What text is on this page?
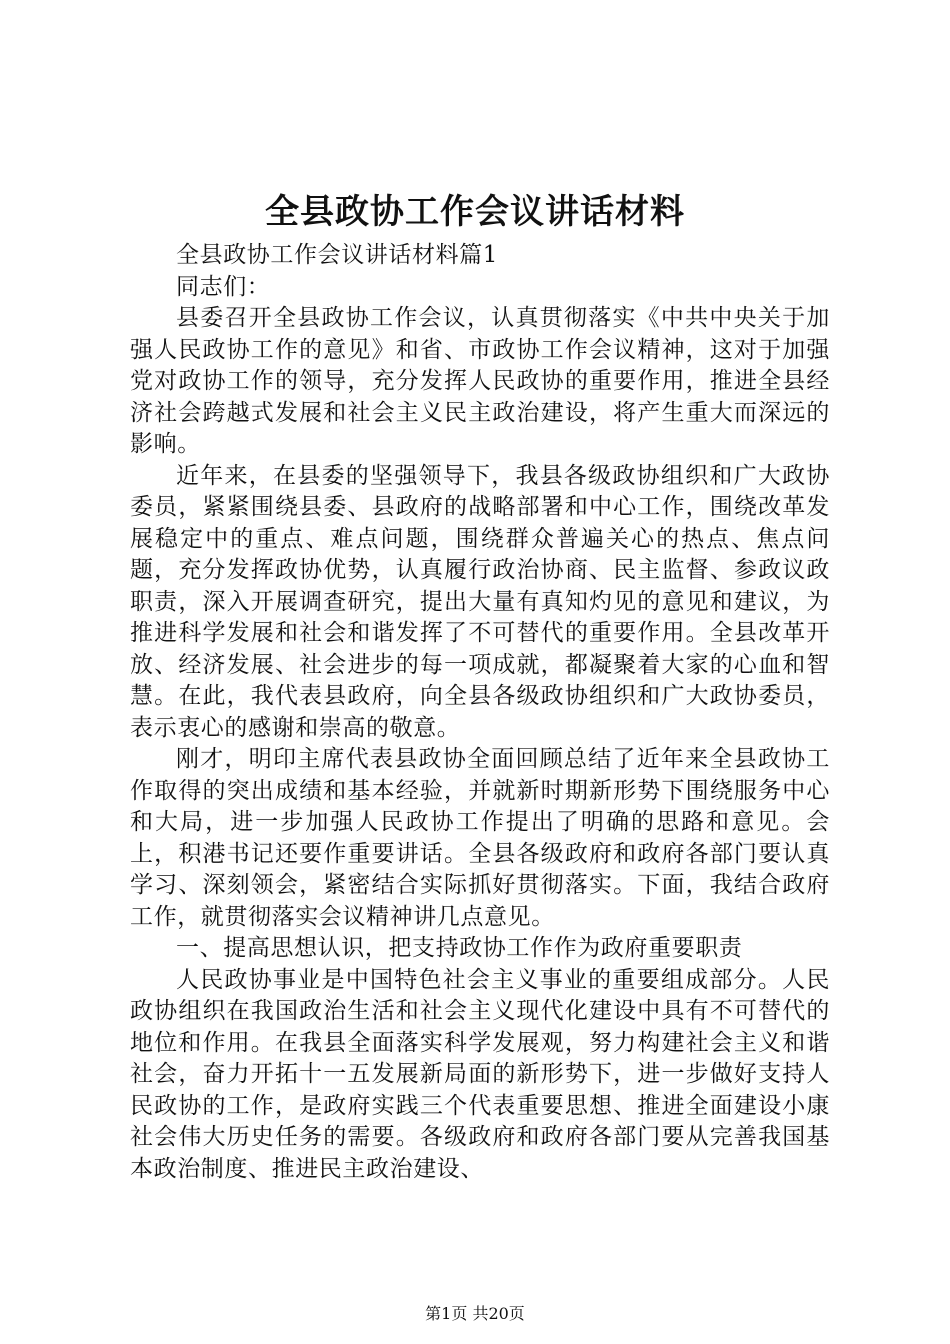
全县政协工作会议讲话材料

全县政协工作会议讲话材料篇1

同志们：

县委召开全县政协工作会议，认真贯彻落实《中共中央关于加强人民政协工作的意见》和省、市政协工作会议精神，这对于加强党对政协工作的领导，充分发挥人民政协的重要作用，推进全县经济社会跨越式发展和社会主义民主政治建设，将产生重大而深远的影响。

近年来，在县委的坚强领导下，我县各级政协组织和广大政协委员，紧紧围绕县委、县政府的战略部署和中心工作，围绕改革发展稳定中的重点、难点问题，围绕群众普遍关心的热点、焦点问题，充分发挥政协优势，认真履行政治协商、民主监督、参政议政职责，深入开展调查研究，提出大量有真知灼见的意见和建议，为推进科学发展和社会和谐发挥了不可替代的重要作用。全县改革开放、经济发展、社会进步的每一项成就，都凝聚着大家的心血和智慧。在此，我代表县政府，向全县各级政协组织和广大政协委员，表示衷心的感谢和崇高的敬意。

刚才，明印主席代表县政协全面回顾总结了近年来全县政协工作取得的突出成绩和基本经验，并就新时期新形势下围绕服务中心和大局，进一步加强人民政协工作提出了明确的思路和意见。会上，积港书记还要作重要讲话。全县各级政府和政府各部门要认真学习、深刻领会，紧密结合实际抓好贯彻落实。下面，我结合政府工作，就贯彻落实会议精神讲几点意见。

一、提高思想认识，把支持政协工作作为政府重要职责

人民政协事业是中国特色社会主义事业的重要组成部分。人民政协组织在我国政治生活和社会主义现代化建设中具有不可替代的地位和作用。在我县全面落实科学发展观，努力构建社会主义和谐社会，奋力开拓十一五发展新局面的新形势下，进一步做好支持人民政协的工作，是政府实践三个代表重要思想、推进全面建设小康社会伟大历史任务的需要。各级政府和政府各部门要从完善我国基本政治制度、推进民主政治建设、

第1页 共20页
